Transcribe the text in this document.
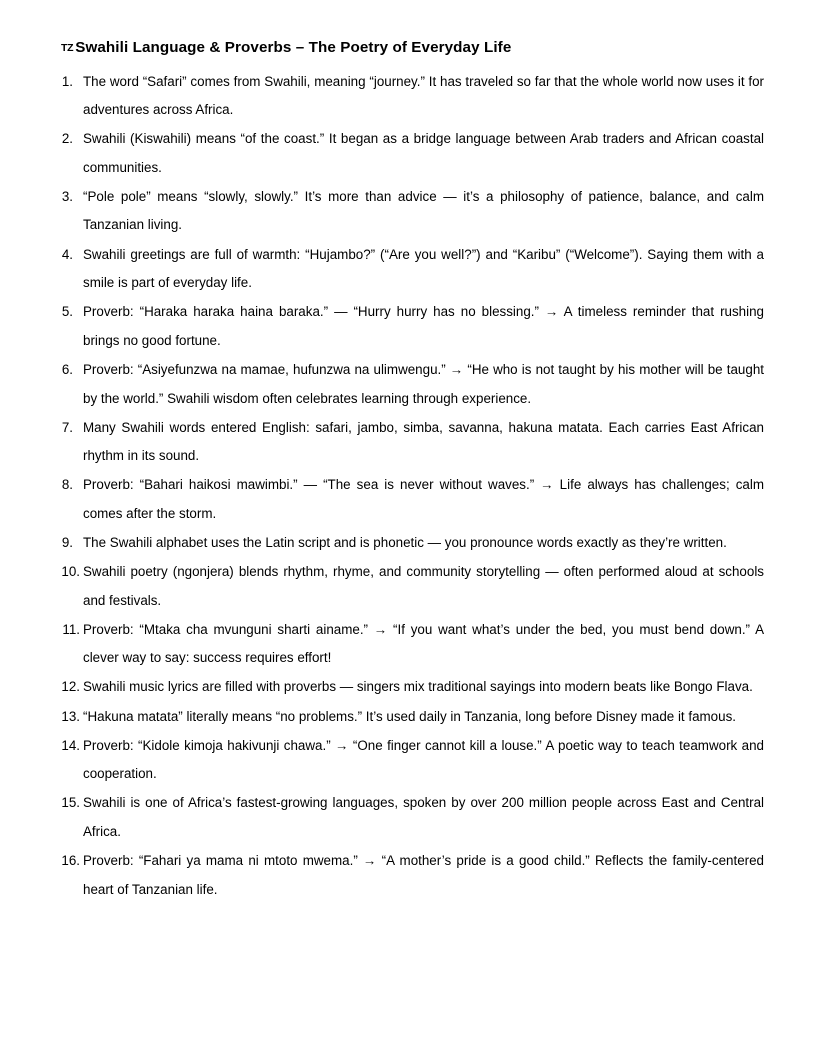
TZ Swahili Language & Proverbs – The Poetry of Everyday Life
1. The word “Safari” comes from Swahili, meaning “journey.” It has traveled so far that the whole world now uses it for adventures across Africa.
2. Swahili (Kiswahili) means “of the coast.” It began as a bridge language between Arab traders and African coastal communities.
3. “Pole pole” means “slowly, slowly.” It’s more than advice — it’s a philosophy of patience, balance, and calm Tanzanian living.
4. Swahili greetings are full of warmth: “Hujambo?” (“Are you well?”) and “Karibu” (“Welcome”). Saying them with a smile is part of everyday life.
5. Proverb: “Haraka haraka haina baraka.” — “Hurry hurry has no blessing.” → A timeless reminder that rushing brings no good fortune.
6. Proverb: “Asiyefunzwa na mamae, hufunzwa na ulimwengu.” → “He who is not taught by his mother will be taught by the world.” Swahili wisdom often celebrates learning through experience.
7. Many Swahili words entered English: safari, jambo, simba, savanna, hakuna matata. Each carries East African rhythm in its sound.
8. Proverb: “Bahari haikosi mawimbi.” — “The sea is never without waves.” → Life always has challenges; calm comes after the storm.
9. The Swahili alphabet uses the Latin script and is phonetic — you pronounce words exactly as they’re written.
10. Swahili poetry (ngonjera) blends rhythm, rhyme, and community storytelling — often performed aloud at schools and festivals.
11. Proverb: “Mtaka cha mvunguni sharti ainame.” → “If you want what’s under the bed, you must bend down.” A clever way to say: success requires effort!
12. Swahili music lyrics are filled with proverbs — singers mix traditional sayings into modern beats like Bongo Flava.
13. “Hakuna matata” literally means “no problems.” It’s used daily in Tanzania, long before Disney made it famous.
14. Proverb: “Kidole kimoja hakivunji chawa.” → “One finger cannot kill a louse.” A poetic way to teach teamwork and cooperation.
15. Swahili is one of Africa’s fastest-growing languages, spoken by over 200 million people across East and Central Africa.
16. Proverb: “Fahari ya mama ni mtoto mwema.” → “A mother’s pride is a good child.” Reflects the family-centered heart of Tanzanian life.
